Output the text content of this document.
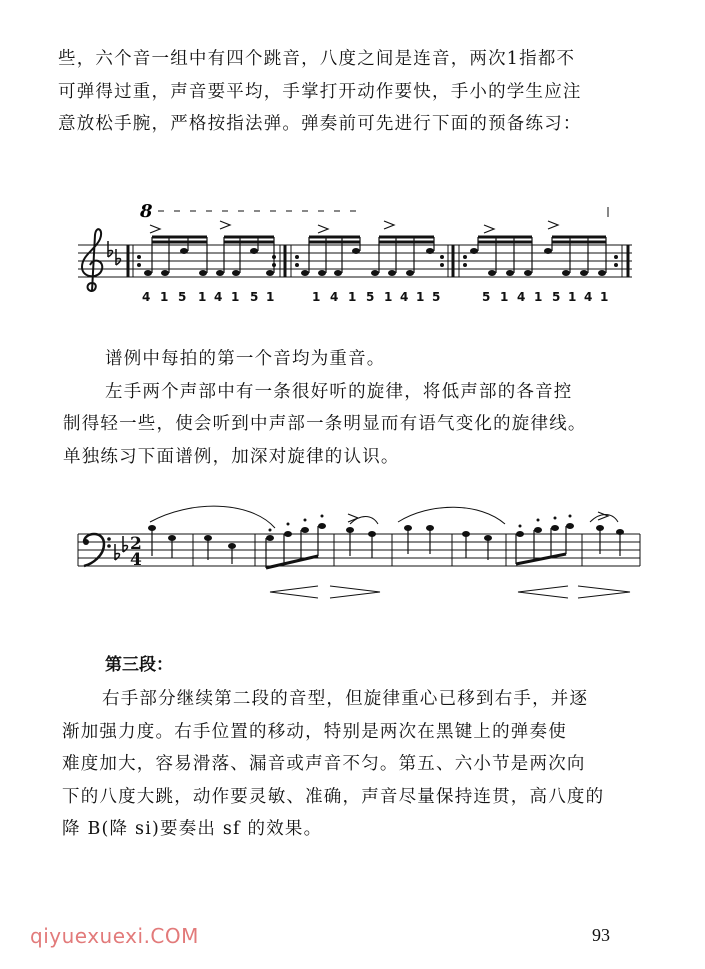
些，六个音一组中有四个跳音，八度之间是连音，两次1指都不
可弹得过重，声音要平均，手掌打开动作要快，手小的学生应注
意放松手腕，严格按指法弹。弹奏前可先进行下面的预备练习：
8
4 1 5 1 4 1 5 1	1 4 1 5 1 4 1 5	5 1 4 1 5 1 4 1
谱例中每拍的第一个音均为重音。
左手两个声部中有一条很好听的旋律，将低声部的各音控
制得轻一些，使会听到中声部一条明显而有语气变化的旋律线。
单独练习下面谱例，加深对旋律的认识。
2
4
第三段：
右手部分继续第二段的音型，但旋律重心已移到右手，并逐
渐加强力度。右手位置的移动，特别是两次在黑键上的弹奏使
难度加大，容易滑落、漏音或声音不匀。第五、六小节是两次向
下的八度大跳，动作要灵敏、准确，声音尽量保持连贯，高八度的
降 B(降 si)要奏出 sf 的效果。
qiyuexuexi.COM	93
